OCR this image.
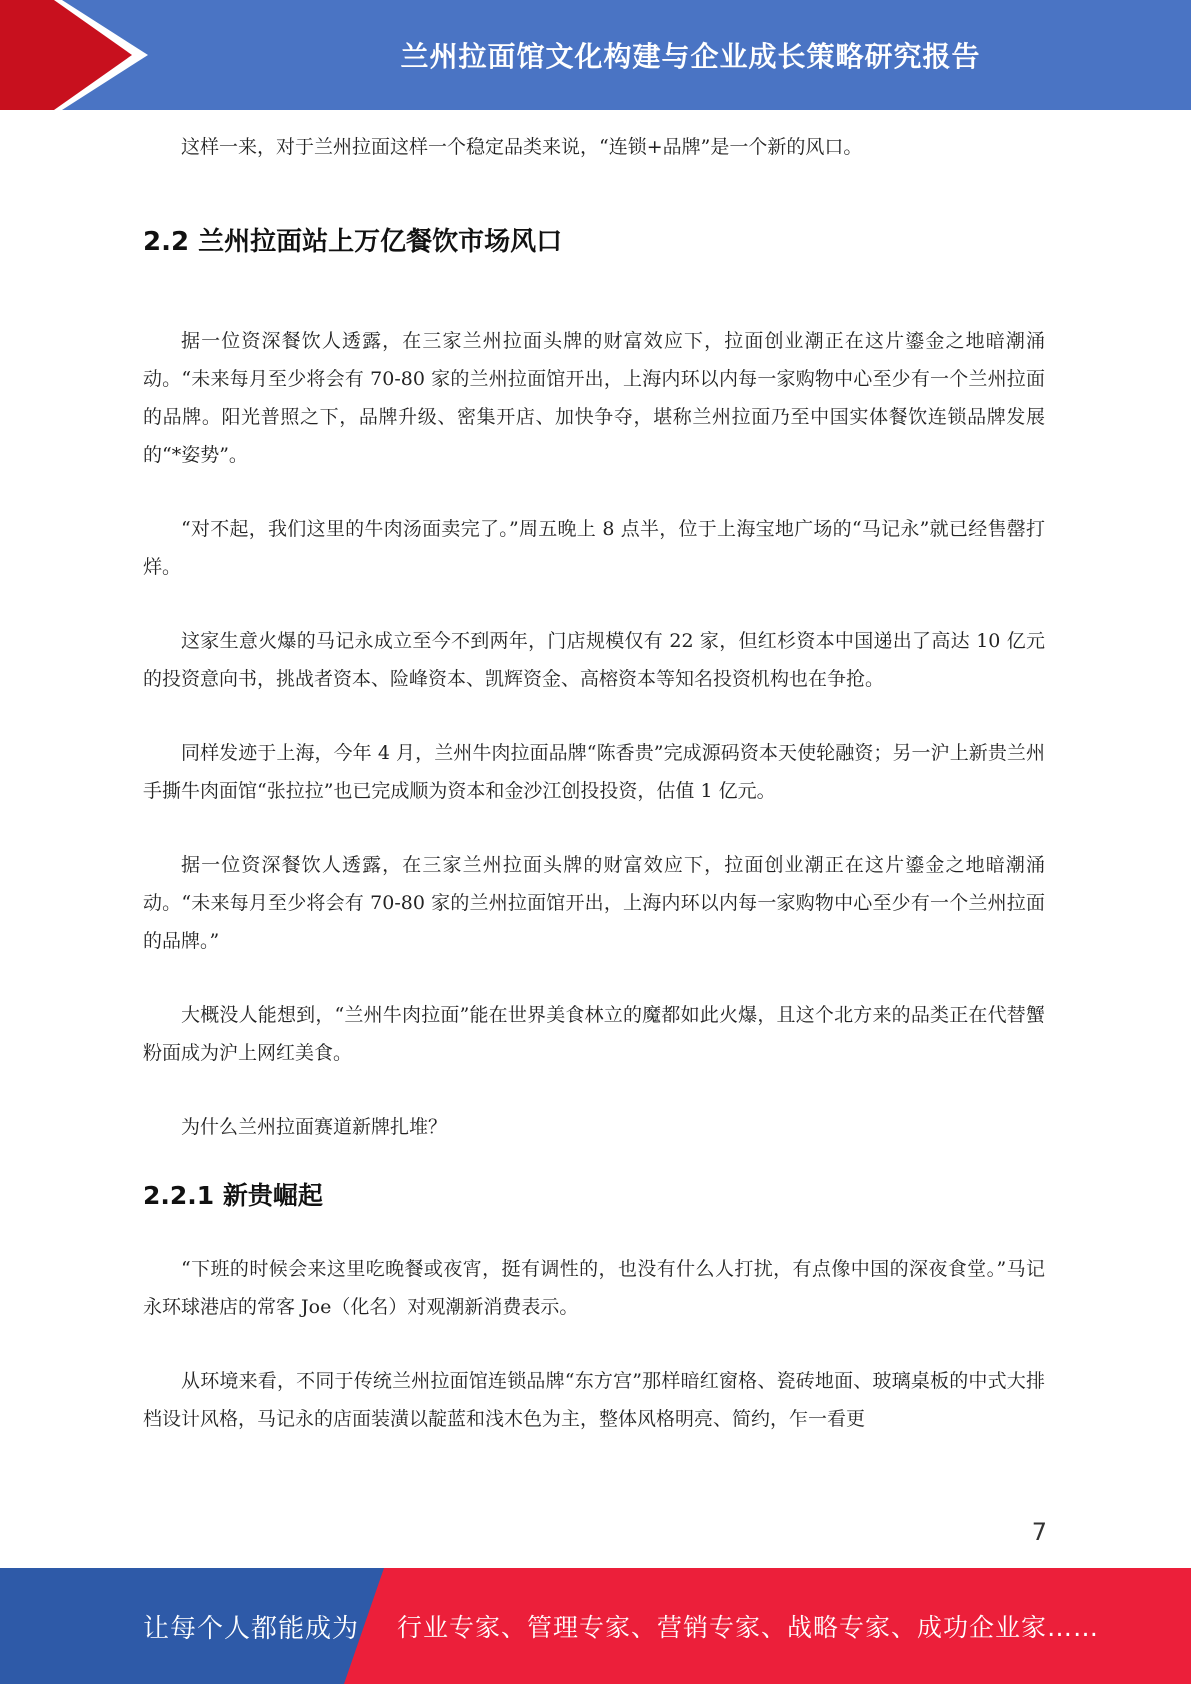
兰州拉面馆文化构建与企业成长策略研究报告

这样一来，对于兰州拉面这样一个稳定品类来说，“连锁+品牌”是一个新的风口。

2.2 兰州拉面站上万亿餐饮市场风口

据一位资深餐饮人透露，在三家兰州拉面头牌的财富效应下，拉面创业潮正在这片鎏金之地暗潮涌动。“未来每月至少将会有 70-80 家的兰州拉面馆开出，上海内环以内每一家购物中心至少有一个兰州拉面的品牌。阳光普照之下，品牌升级、密集开店、加快争夺，堪称兰州拉面乃至中国实体餐饮连锁品牌发展的“*姿势”。

“对不起，我们这里的牛肉汤面卖完了。”周五晚上 8 点半，位于上海宝地广场的“马记永”就已经售罄打烊。

这家生意火爆的马记永成立至今不到两年，门店规模仅有 22 家，但红杉资本中国递出了高达 10 亿元的投资意向书，挑战者资本、险峰资本、凯辉资金、高榕资本等知名投资机构也在争抢。

同样发迹于上海，今年 4 月，兰州牛肉拉面品牌“陈香贵”完成源码资本天使轮融资；另一沪上新贵兰州手撕牛肉面馆“张拉拉”也已完成顺为资本和金沙江创投投资，估值 1 亿元。

据一位资深餐饮人透露，在三家兰州拉面头牌的财富效应下，拉面创业潮正在这片鎏金之地暗潮涌动。“未来每月至少将会有 70-80 家的兰州拉面馆开出，上海内环以内每一家购物中心至少有一个兰州拉面的品牌。”

大概没人能想到，“兰州牛肉拉面”能在世界美食林立的魔都如此火爆，且这个北方来的品类正在代替蟹粉面成为沪上网红美食。

为什么兰州拉面赛道新牌扎堆？

2.2.1 新贵崛起

“下班的时候会来这里吃晚餐或夜宵，挺有调性的，也没有什么人打扰，有点像中国的深夜食堂。”马记永环球港店的常客 Joe（化名）对观潮新消费表示。

从环境来看，不同于传统兰州拉面馆连锁品牌“东方宫”那样暗红窗格、瓷砖地面、玻璃桌板的中式大排档设计风格，马记永的店面装潢以靛蓝和浅木色为主，整体风格明亮、简约，乍一看更

7
让每个人都能成为 行业专家、管理专家、营销专家、战略专家、成功企业家……
